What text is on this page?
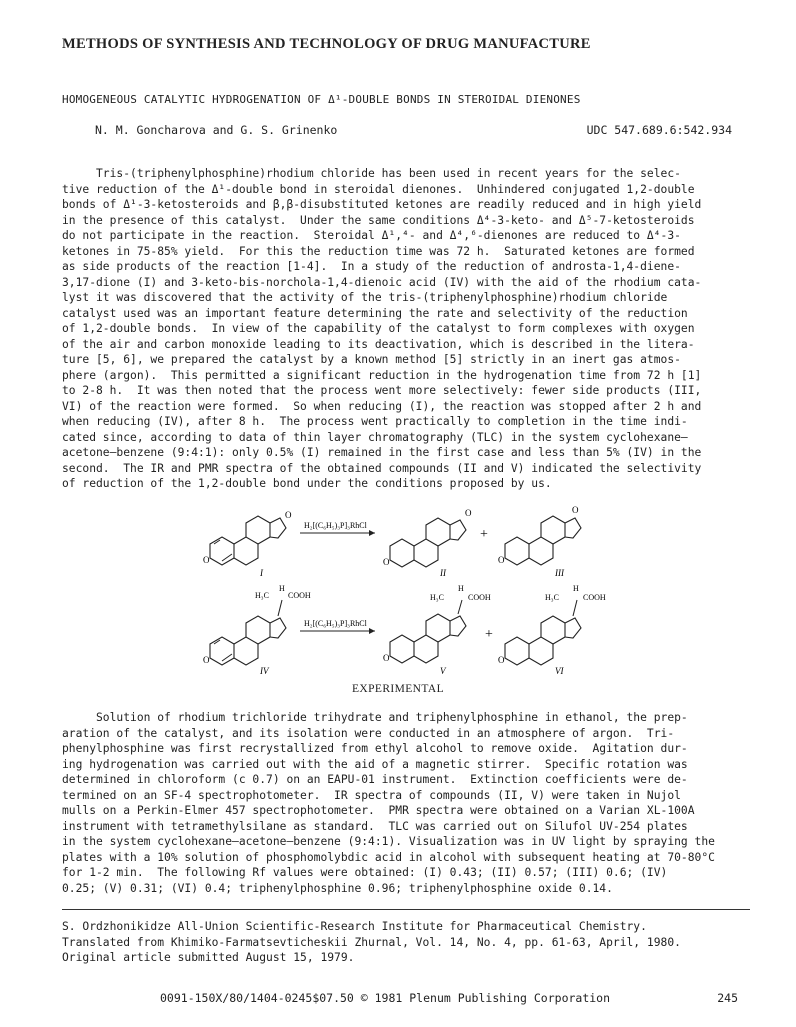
METHODS OF SYNTHESIS AND TECHNOLOGY OF DRUG MANUFACTURE
HOMOGENEOUS CATALYTIC HYDROGENATION OF Δ¹-DOUBLE BONDS IN STEROIDAL DIENONES
N. M. Goncharova and G. S. Grinenko	UDC 547.689.6:542.934
Tris-(triphenylphosphine)rhodium chloride has been used in recent years for the selec-
tive reduction of the Δ¹-double bond in steroidal dienones.  Unhindered conjugated 1,2-double
bonds of Δ¹-3-ketosteroids and β,β-disubstituted ketones are readily reduced and in high yield
in the presence of this catalyst.  Under the same conditions Δ⁴-3-keto- and Δ⁵-7-ketosteroids
do not participate in the reaction.  Steroidal Δ¹,⁴- and Δ⁴,⁶-dienones are reduced to Δ⁴-3-
ketones in 75-85% yield.  For this the reduction time was 72 h.  Saturated ketones are formed
as side products of the reaction [1-4].  In a study of the reduction of androsta-1,4-diene-
3,17-dione (I) and 3-keto-bis-norchola-1,4-dienoic acid (IV) with the aid of the rhodium cata-
lyst it was discovered that the activity of the tris-(triphenylphosphine)rhodium chloride
catalyst used was an important feature determining the rate and selectivity of the reduction
of 1,2-double bonds.  In view of the capability of the catalyst to form complexes with oxygen
of the air and carbon monoxide leading to its deactivation, which is described in the litera-
ture [5, 6], we prepared the catalyst by a known method [5] strictly in an inert gas atmos-
phere (argon).  This permitted a significant reduction in the hydrogenation time from 72 h [1]
to 2-8 h.  It was then noted that the process went more selectively: fewer side products (III,
VI) of the reaction were formed.  So when reducing (I), the reaction was stopped after 2 h and
when reducing (IV), after 8 h.  The process went practically to completion in the time indi-
cated since, according to data of thin layer chromatography (TLC) in the system cyclohexane—
acetone—benzene (9:4:1): only 0.5% (I) remained in the first case and less than 5% (IV) in the
second.  The IR and PMR spectra of the obtained compounds (II and V) indicated the selectivity
of reduction of the 1,2-double bond under the conditions proposed by us.
O
O
I
H₂[(C₆H₅)₃P]₃RhCl
O
O
II
+
O
O
III
O
H₃C
H
COOH
IV
H₂[(C₆H₅)₃P]₃RhCl
O
H₃C
H
COOH
V
+
O
H₃C
H
COOH
VI
EXPERIMENTAL
Solution of rhodium trichloride trihydrate and triphenylphosphine in ethanol, the prep-
aration of the catalyst, and its isolation were conducted in an atmosphere of argon.  Tri-
phenylphosphine was first recrystallized from ethyl alcohol to remove oxide.  Agitation dur-
ing hydrogenation was carried out with the aid of a magnetic stirrer.  Specific rotation was
determined in chloroform (c 0.7) on an EAPU-01 instrument.  Extinction coefficients were de-
termined on an SF-4 spectrophotometer.  IR spectra of compounds (II, V) were taken in Nujol
mulls on a Perkin-Elmer 457 spectrophotometer.  PMR spectra were obtained on a Varian XL-100A
instrument with tetramethylsilane as standard.  TLC was carried out on Silufol UV-254 plates
in the system cyclohexane—acetone—benzene (9:4:1). Visualization was in UV light by spraying the
plates with a 10% solution of phosphomolybdic acid in alcohol with subsequent heating at 70-80°C
for 1-2 min.  The following Rf values were obtained: (I) 0.43; (II) 0.57; (III) 0.6; (IV)
0.25; (V) 0.31; (VI) 0.4; triphenylphosphine 0.96; triphenylphosphine oxide 0.14.
S. Ordzhonikidze All-Union Scientific-Research Institute for Pharmaceutical Chemistry.
Translated from Khimiko-Farmatsevticheskii Zhurnal, Vol. 14, No. 4, pp. 61-63, April, 1980.
Original article submitted August 15, 1979.
0091-150X/80/1404-0245$07.50 © 1981 Plenum Publishing Corporation	245
